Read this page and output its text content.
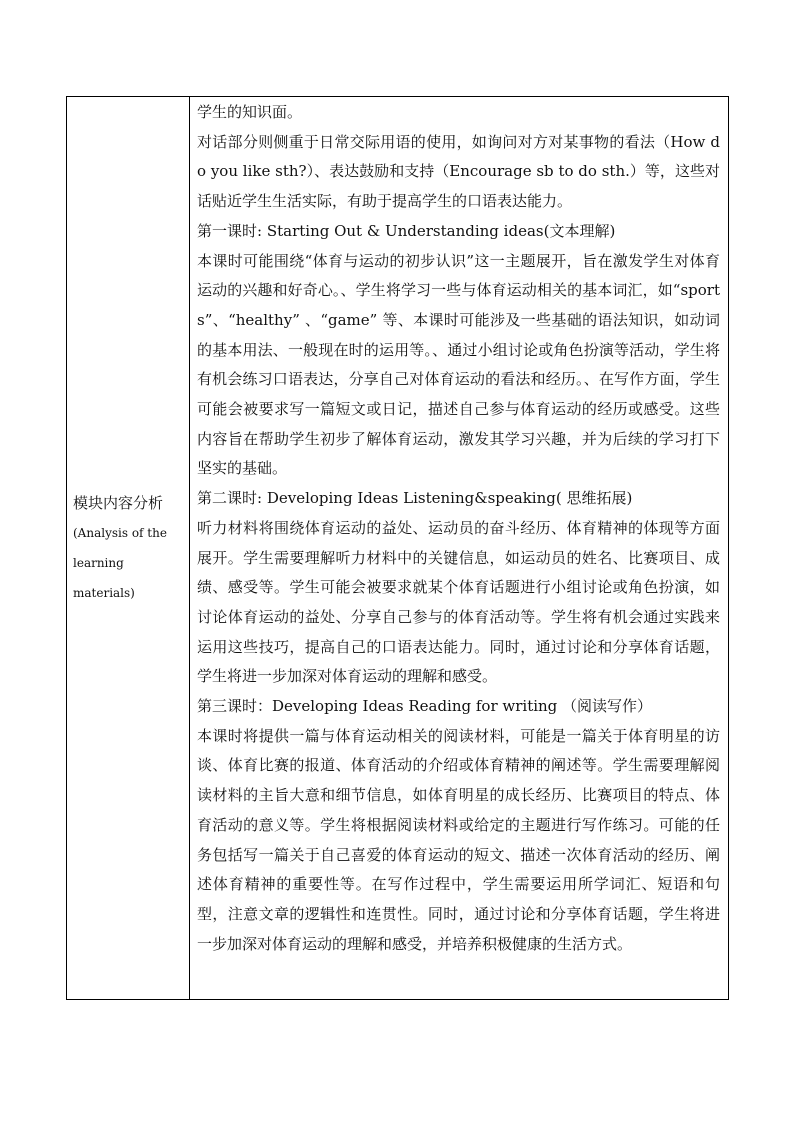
模块内容分析
(Analysis of the learning materials)

学生的知识面。

对话部分则侧重于日常交际用语的使用，如询问对方对某事物的看法（How do you like sth?）、表达鼓励和支持（Encourage sb to do sth.）等，这些对话贴近学生生活实际，有助于提高学生的口语表达能力。

第一课时: Starting Out & Understanding ideas(文本理解)

本课时可能围绕“体育与运动的初步认识”这一主题展开，旨在激发学生对体育运动的兴趣和好奇心。、学生将学习一些与体育运动相关的基本词汇，如“sports”、“healthy” 、“game” 等、本课时可能涉及一些基础的语法知识，如动词的基本用法、一般现在时的运用等。、通过小组讨论或角色扮演等活动，学生将有机会练习口语表达，分享自己对体育运动的看法和经历。、在写作方面，学生可能会被要求写一篇短文或日记，描述自己参与体育运动的经历或感受。这些内容旨在帮助学生初步了解体育运动，激发其学习兴趣，并为后续的学习打下坚实的基础。

第二课时: Developing Ideas Listening&speaking( 思维拓展)

听力材料将围绕体育运动的益处、运动员的奋斗经历、体育精神的体现等方面展开。学生需要理解听力材料中的关键信息，如运动员的姓名、比赛项目、成绩、感受等。学生可能会被要求就某个体育话题进行小组讨论或角色扮演，如讨论体育运动的益处、分享自己参与的体育活动等。学生将有机会通过实践来运用这些技巧，提高自己的口语表达能力。同时，通过讨论和分享体育话题，学生将进一步加深对体育运动的理解和感受。

第三课时：Developing Ideas Reading for writing （阅读写作）

本课时将提供一篇与体育运动相关的阅读材料，可能是一篇关于体育明星的访谈、体育比赛的报道、体育活动的介绍或体育精神的阐述等。学生需要理解阅读材料的主旨大意和细节信息，如体育明星的成长经历、比赛项目的特点、体育活动的意义等。学生将根据阅读材料或给定的主题进行写作练习。可能的任务包括写一篇关于自己喜爱的体育运动的短文、描述一次体育活动的经历、阐述体育精神的重要性等。在写作过程中，学生需要运用所学词汇、短语和句型，注意文章的逻辑性和连贯性。同时，通过讨论和分享体育话题，学生将进一步加深对体育运动的理解和感受，并培养积极健康的生活方式。
